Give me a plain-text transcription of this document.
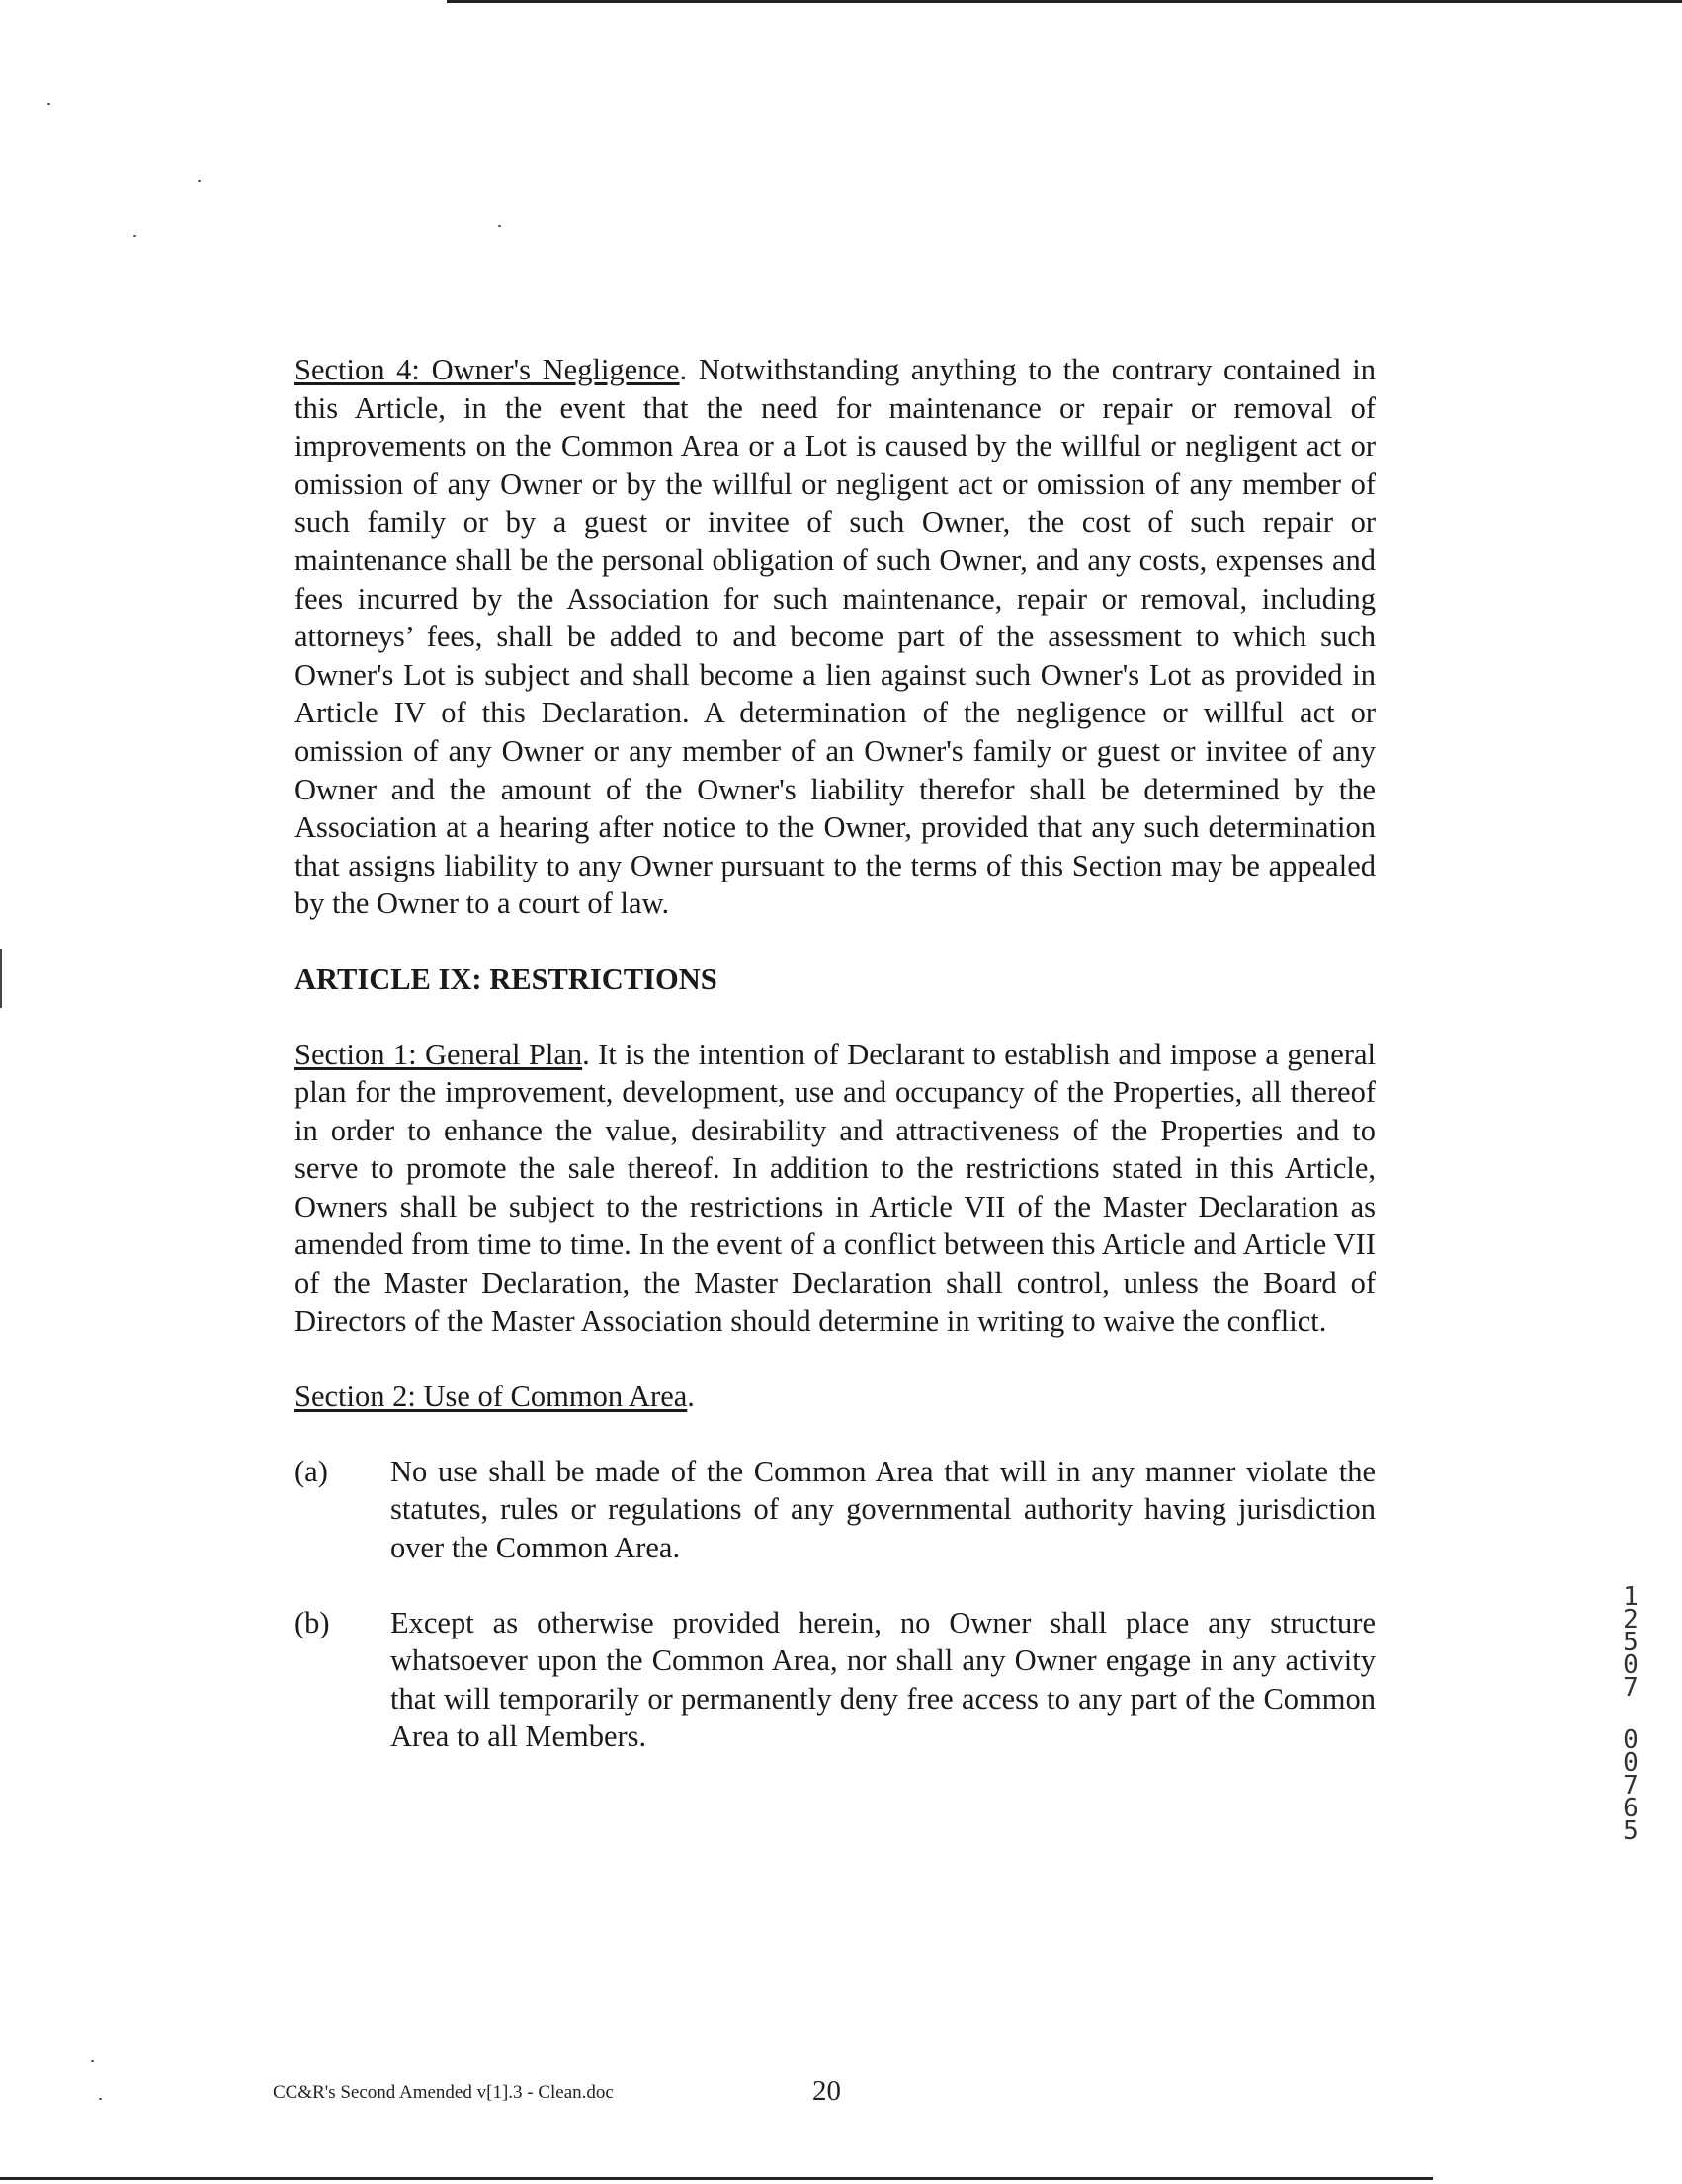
Section 4: Owner's Negligence. Notwithstanding anything to the contrary contained in this Article, in the event that the need for maintenance or repair or removal of improvements on the Common Area or a Lot is caused by the willful or negligent act or omission of any Owner or by the willful or negligent act or omission of any member of such family or by a guest or invitee of such Owner, the cost of such repair or maintenance shall be the personal obligation of such Owner, and any costs, expenses and fees incurred by the Association for such maintenance, repair or removal, including attorneys’ fees, shall be added to and become part of the assessment to which such Owner's Lot is subject and shall become a lien against such Owner's Lot as provided in Article IV of this Declaration. A determination of the negligence or willful act or omission of any Owner or any member of an Owner's family or guest or invitee of any Owner and the amount of the Owner's liability therefor shall be determined by the Association at a hearing after notice to the Owner, provided that any such determination that assigns liability to any Owner pursuant to the terms of this Section may be appealed by the Owner to a court of law.

ARTICLE IX: RESTRICTIONS

Section 1: General Plan. It is the intention of Declarant to establish and impose a general plan for the improvement, development, use and occupancy of the Properties, all thereof in order to enhance the value, desirability and attractiveness of the Properties and to serve to promote the sale thereof. In addition to the restrictions stated in this Article, Owners shall be subject to the restrictions in Article VII of the Master Declaration as amended from time to time. In the event of a conflict between this Article and Article VII of the Master Declaration, the Master Declaration shall control, unless the Board of Directors of the Master Association should determine in writing to waive the conflict.

Section 2: Use of Common Area.

(a)	No use shall be made of the Common Area that will in any manner violate the statutes, rules or regulations of any governmental authority having jurisdiction over the Common Area.
(b)	Except as otherwise provided herein, no Owner shall place any structure whatsoever upon the Common Area, nor shall any Owner engage in any activity that will temporarily or permanently deny free access to any part of the Common Area to all Members.
1
2
5
0
7
0
0
7
6
5
CC&R's Second Amended v[1].3 - Clean.doc	20
